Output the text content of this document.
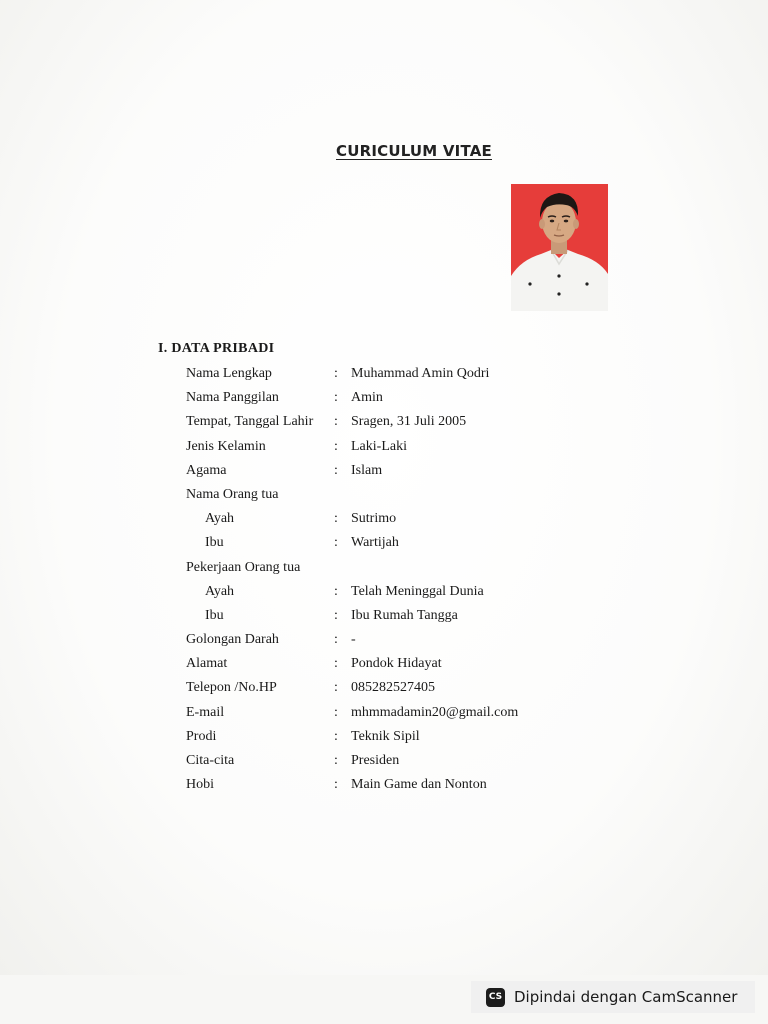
CURICULUM VITAE
I. DATA PRIBADI
Nama Lengkap	: Muhammad Amin Qodri
Nama Panggilan	: Amin
Tempat, Tanggal Lahir : Sragen, 31 Juli 2005
Jenis Kelamin	: Laki-Laki
Agama	: Islam
Nama Orang tua
Ayah	: Sutrimo
Ibu	: Wartijah
Pekerjaan Orang tua
Ayah	: Telah Meninggal Dunia
Ibu	: Ibu Rumah Tangga
Golongan Darah	: -
Alamat	: Pondok Hidayat
Telepon /No.HP	: 085282527405
E-mail	: mhmmadamin20@gmail.com
Prodi	: Teknik Sipil
Cita-cita	: Presiden
Hobi	: Main Game dan Nonton
CS Dipindai dengan CamScanner
